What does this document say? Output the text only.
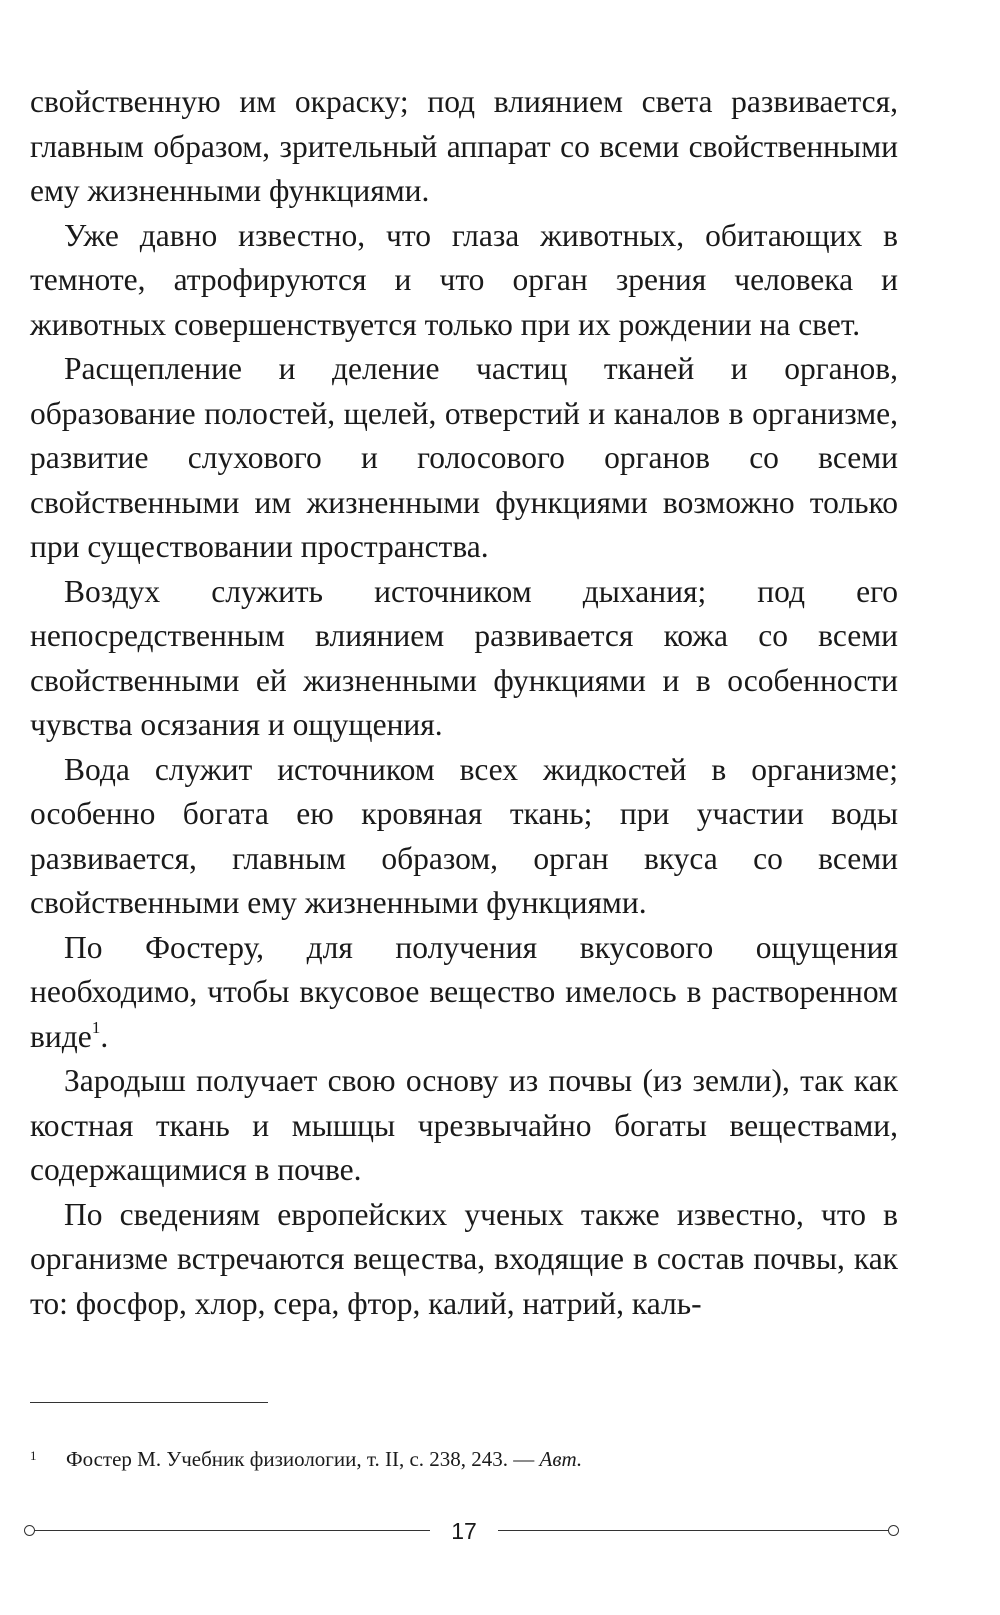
свойственную им окраску; под влиянием света развивается, главным образом, зрительный аппарат со всеми свойственными ему жизненными функциями.

Уже давно известно, что глаза животных, обитающих в темноте, атрофируются и что орган зрения человека и животных совершенствуется только при их рождении на свет.

Расщепление и деление частиц тканей и органов, образование полостей, щелей, отверстий и каналов в организме, развитие слухового и голосового органов со всеми свойственными им жизненными функциями возможно только при существовании пространства.

Воздух служить источником дыхания; под его непосредственным влиянием развивается кожа со всеми свойственными ей жизненными функциями и в особенности чувства осязания и ощущения.

Вода служит источником всех жидкостей в организме; особенно богата ею кровяная ткань; при участии воды развивается, главным образом, орган вкуса со всеми свойственными ему жизненными функциями.

По Фостеру, для получения вкусового ощущения необходимо, чтобы вкусовое вещество имелось в растворенном виде$^1$.

Зародыш получает свою основу из почвы (из земли), так как костная ткань и мышцы чрезвычайно богаты веществами, содержащимися в почве.

По сведениям европейских ученых также известно, что в организме встречаются вещества, входящие в состав почвы, как то: фосфор, хлор, сера, фтор, калий, натрий, каль-

1 Фостер М. Учебник физиологии, т. II, с. 238, 243. — Авт.
17
